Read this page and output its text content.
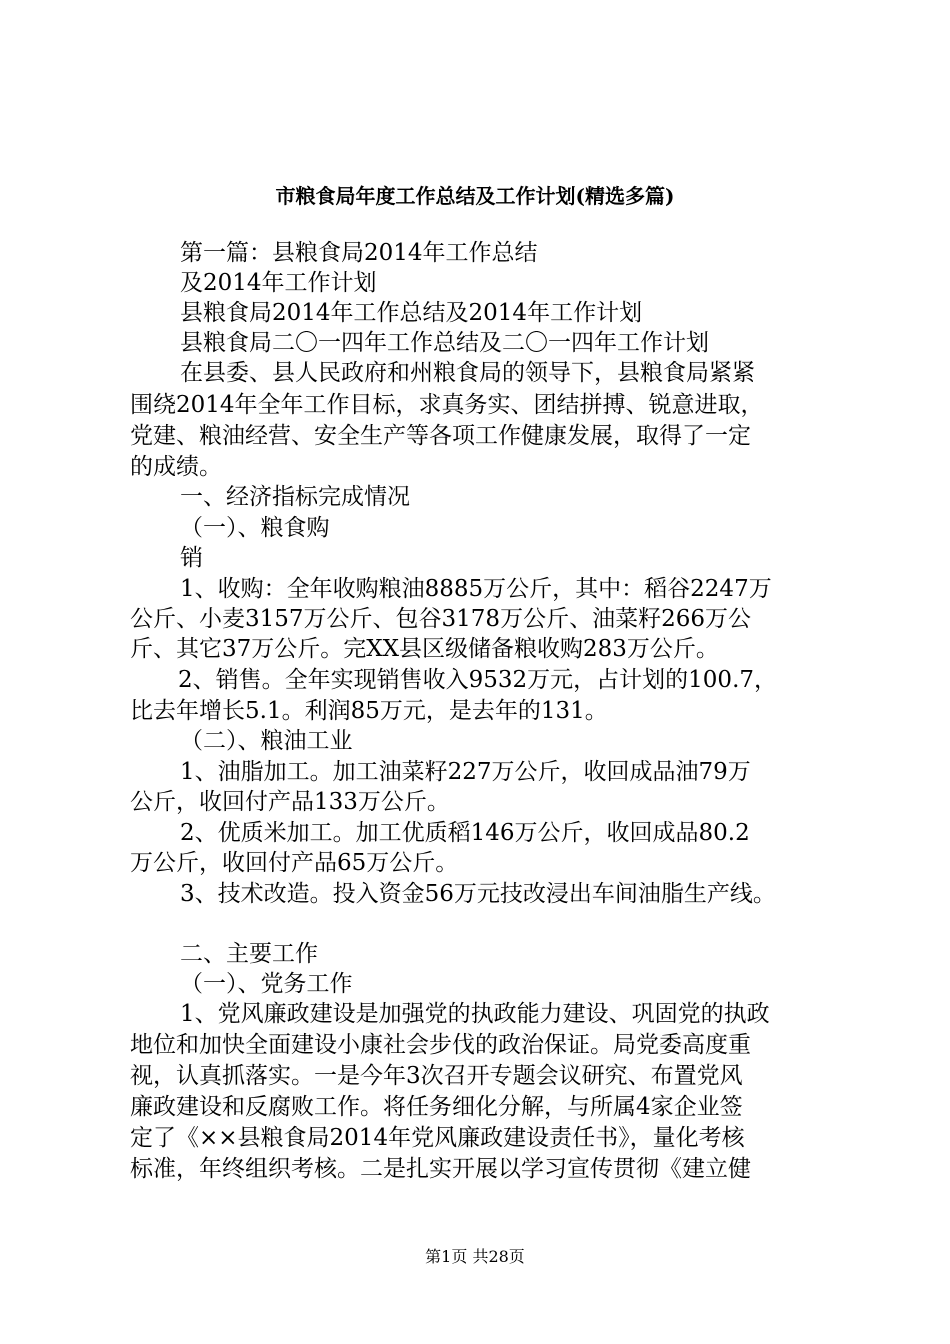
市粮食局年度工作总结及工作计划(精选多篇)
第一篇：县粮食局2014年工作总结
及2014年工作计划
县粮食局2014年工作总结及2014年工作计划
县粮食局二〇一四年工作总结及二〇一四年工作计划
在县委、县人民政府和州粮食局的领导下，县粮食局紧紧
围绕2014年全年工作目标，求真务实、团结拼搏、锐意进取，
党建、粮油经营、安全生产等各项工作健康发展，取得了一定
的成绩。
一、经济指标完成情况
（一）、粮食购
销
1、收购：全年收购粮油8885万公斤，其中：稻谷2247万
公斤、小麦3157万公斤、包谷3178万公斤、油菜籽266万公
斤、其它37万公斤。完XX县区级储备粮收购283万公斤。
2、销售。全年实现销售收入9532万元，占计划的100.7，
比去年增长5.1。利润85万元，是去年的131。
（二）、粮油工业
1、油脂加工。加工油菜籽227万公斤，收回成品油79万
公斤，收回付产品133万公斤。
2、优质米加工。加工优质稻146万公斤，收回成品80.2
万公斤，收回付产品65万公斤。
3、技术改造。投入资金56万元技改浸出车间油脂生产线。
二、主要工作
（一）、党务工作
1、党风廉政建设是加强党的执政能力建设、巩固党的执政
地位和加快全面建设小康社会步伐的政治保证。局党委高度重
视，认真抓落实。一是今年3次召开专题会议研究、布置党风
廉政建设和反腐败工作。将任务细化分解，与所属4家企业签
定了《××县粮食局2014年党风廉政建设责任书》，量化考核
标准，年终组织考核。二是扎实开展以学习宣传贯彻《建立健
第1页 共28页
